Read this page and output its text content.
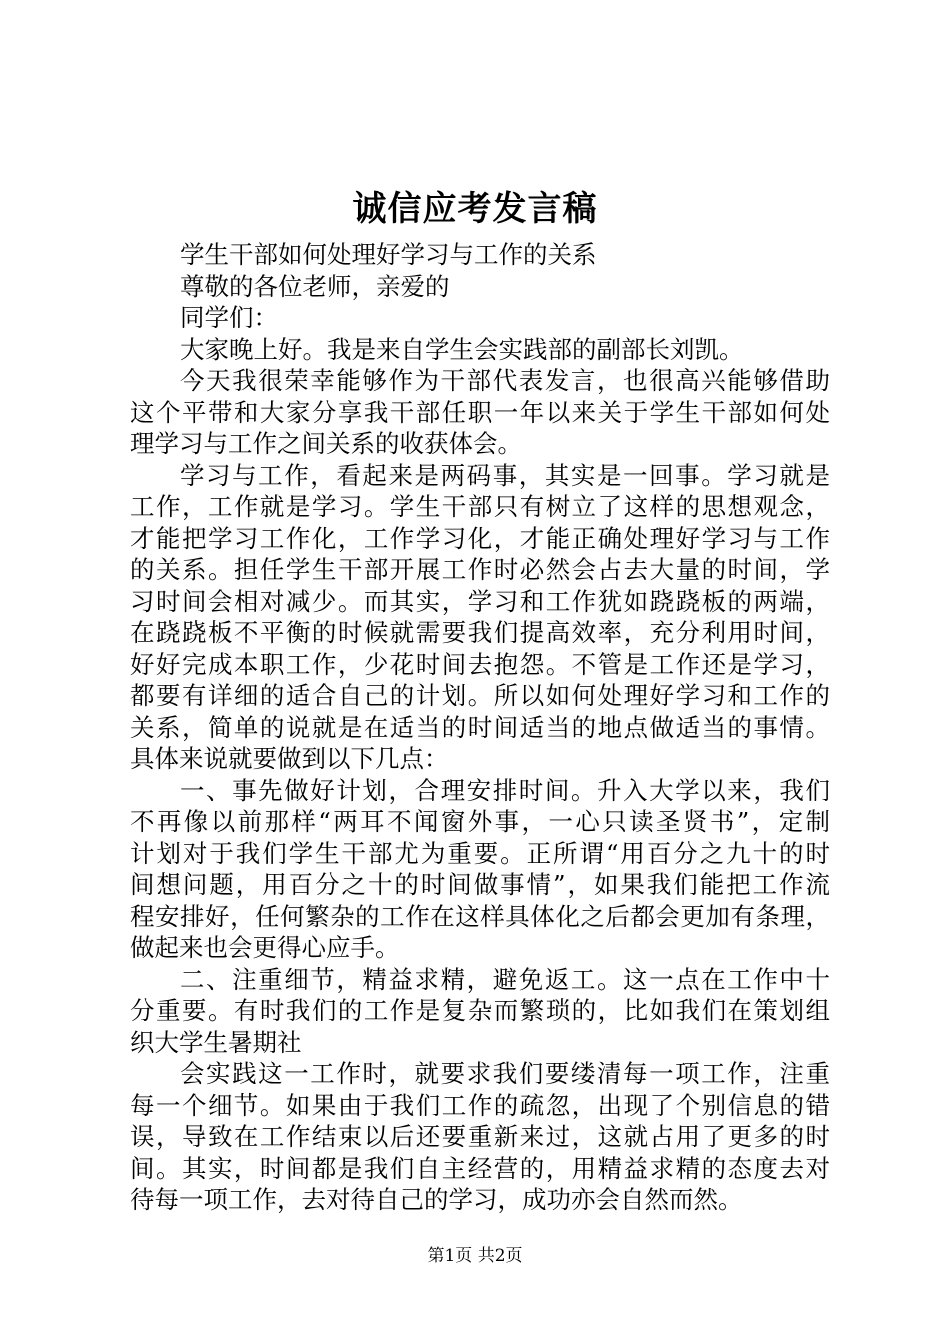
诚信应考发言稿
学生干部如何处理好学习与工作的关系
尊敬的各位老师，亲爱的
同学们：
大家晚上好。我是来自学生会实践部的副部长刘凯。
今天我很荣幸能够作为干部代表发言，也很高兴能够借助
这个平带和大家分享我干部任职一年以来关于学生干部如何处
理学习与工作之间关系的收获体会。
学习与工作，看起来是两码事，其实是一回事。学习就是
工作，工作就是学习。学生干部只有树立了这样的思想观念，
才能把学习工作化，工作学习化，才能正确处理好学习与工作
的关系。担任学生干部开展工作时必然会占去大量的时间，学
习时间会相对减少。而其实，学习和工作犹如跷跷板的两端，
在跷跷板不平衡的时候就需要我们提高效率，充分利用时间，
好好完成本职工作，少花时间去抱怨。不管是工作还是学习，
都要有详细的适合自己的计划。所以如何处理好学习和工作的
关系，简单的说就是在适当的时间适当的地点做适当的事情。
具体来说就要做到以下几点：
一、事先做好计划，合理安排时间。升入大学以来，我们
不再像以前那样“两耳不闻窗外事，一心只读圣贤书”，定制
计划对于我们学生干部尤为重要。正所谓“用百分之九十的时
间想问题，用百分之十的时间做事情”，如果我们能把工作流
程安排好，任何繁杂的工作在这样具体化之后都会更加有条理，
做起来也会更得心应手。
二、注重细节，精益求精，避免返工。这一点在工作中十
分重要。有时我们的工作是复杂而繁琐的，比如我们在策划组
织大学生暑期社
会实践这一工作时，就要求我们要缕清每一项工作，注重
每一个细节。如果由于我们工作的疏忽，出现了个别信息的错
误，导致在工作结束以后还要重新来过，这就占用了更多的时
间。其实，时间都是我们自主经营的，用精益求精的态度去对
待每一项工作，去对待自己的学习，成功亦会自然而然。
第1页 共2页
